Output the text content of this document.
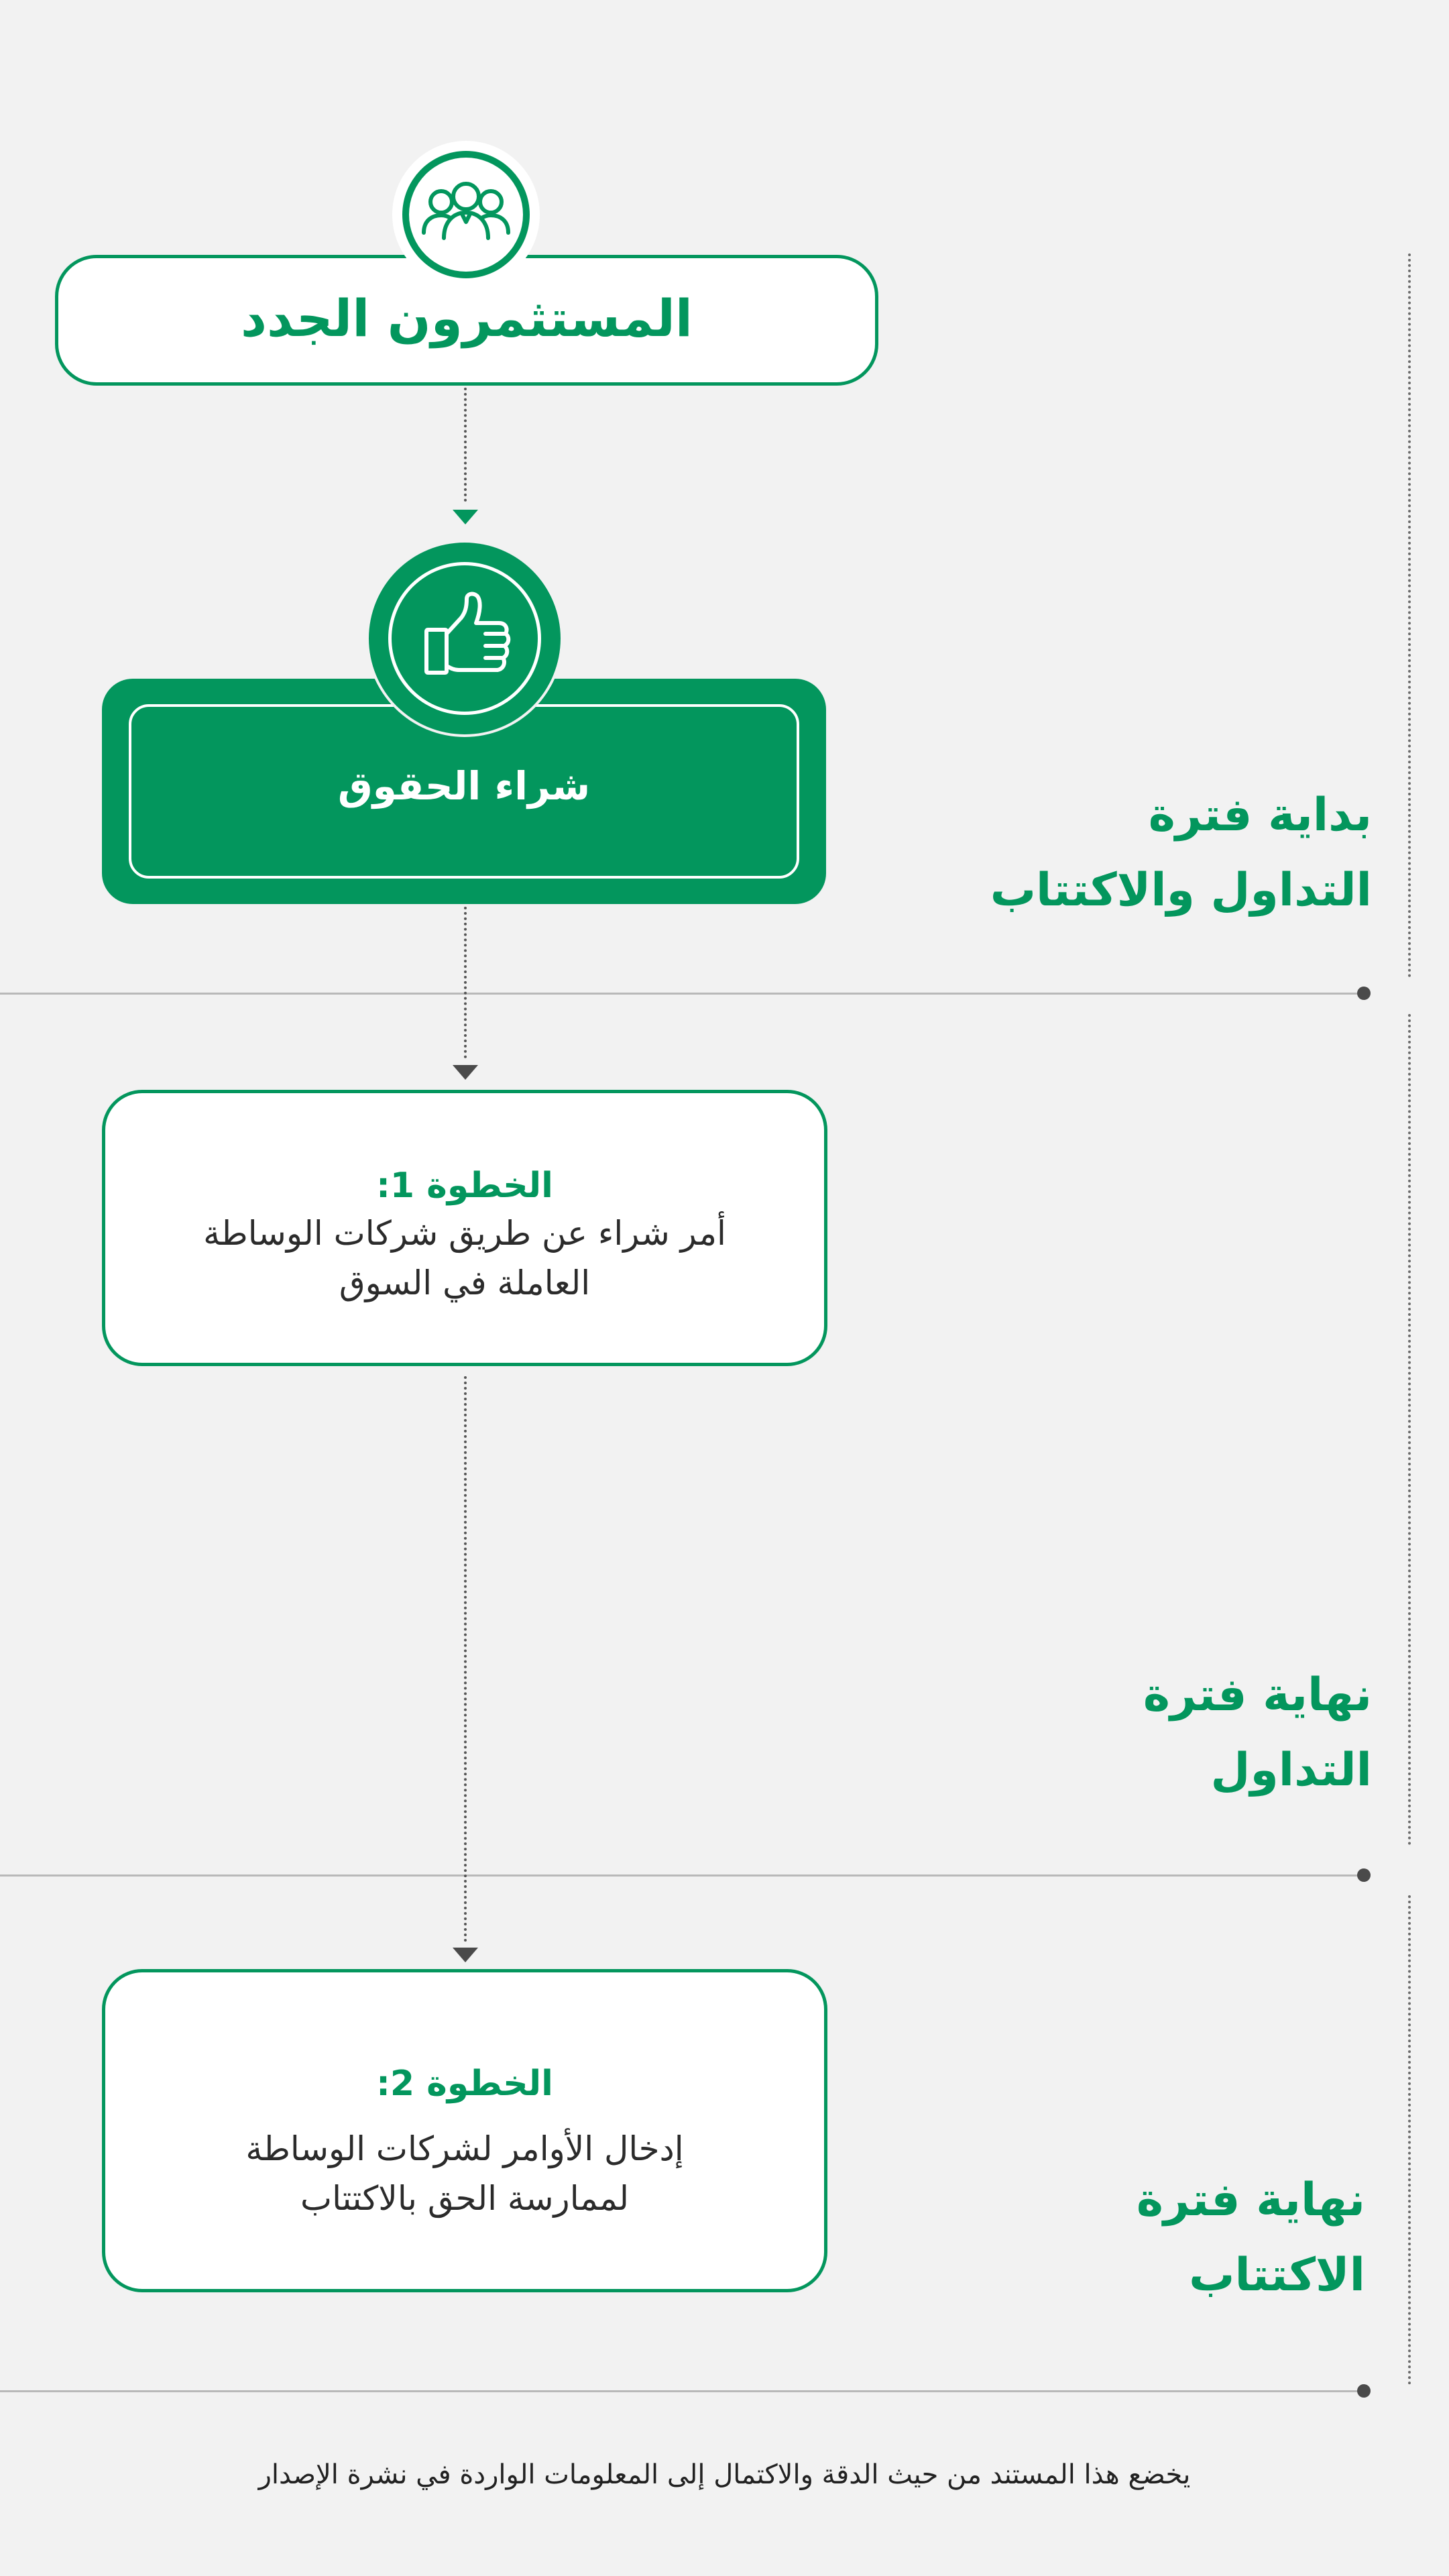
بداية فترة
التداول والاكتتاب
نهاية فترة
التداول
نهاية فترة
الاكتتاب
المستثمرون الجدد
شراء الحقوق
الخطوة 1:
أمر شراء عن طريق شركات الوساطة
العاملة في السوق
الخطوة 2:
إدخال الأوامر لشركات الوساطة
لممارسة الحق بالاكتتاب
يخضع هذا المستند من حيث الدقة والاكتمال إلى المعلومات الواردة في نشرة الإصدار
